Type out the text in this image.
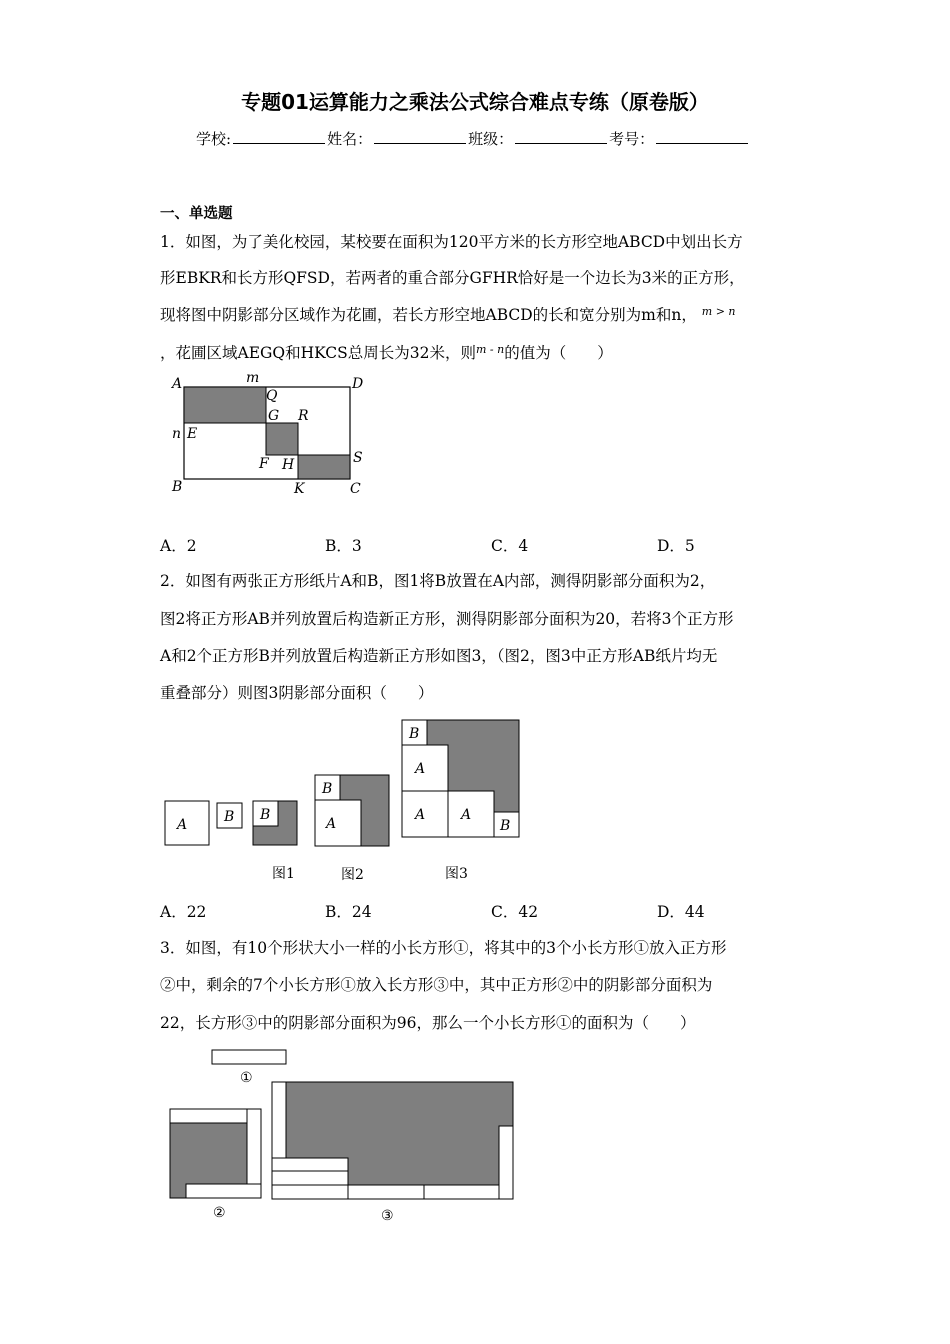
专题01运算能力之乘法公式综合难点专练（原卷版）
学校:	姓名：	班级：	考号：
一、单选题
1．如图，为了美化校园，某校要在面积为120平方米的长方形空地ABCD中划出长方
形EBKR和长方形QFSD，若两者的重合部分GFHR恰好是一个边长为3米的正方形，
现将图中阴影部分区域作为花圃，若长方形空地ABCD的长和宽分别为m和n， $^{m > n}$
，花圃区域AEGQ和HKCS总周长为32米，则$^{m - n}$的值为（　　）
A	m
Q
D
G R
n E
F H	S
B	K	C
A．2	B．3	C．4	D．5
2．如图有两张正方形纸片A和B，图1将B放置在A内部，测得阴影部分面积为2，
图2将正方形AB并列放置后构造新正方形，测得阴影部分面积为20，若将3个正方形
A和2个正方形B并列放置后构造新正方形如图3，（图2，图3中正方形AB纸片均无
重叠部分）则图3阴影部分面积（　　）
A	B B
图1
B
A
图2
B
A
A	A
B
图3
A．22	B．24	C．42	D．44
3．如图，有10个形状大小一样的小长方形①，将其中的3个小长方形①放入正方形
②中，剩余的7个小长方形①放入长方形③中，其中正方形②中的阴影部分面积为
22，长方形③中的阴影部分面积为96，那么一个小长方形①的面积为（　　）
①
②	③
